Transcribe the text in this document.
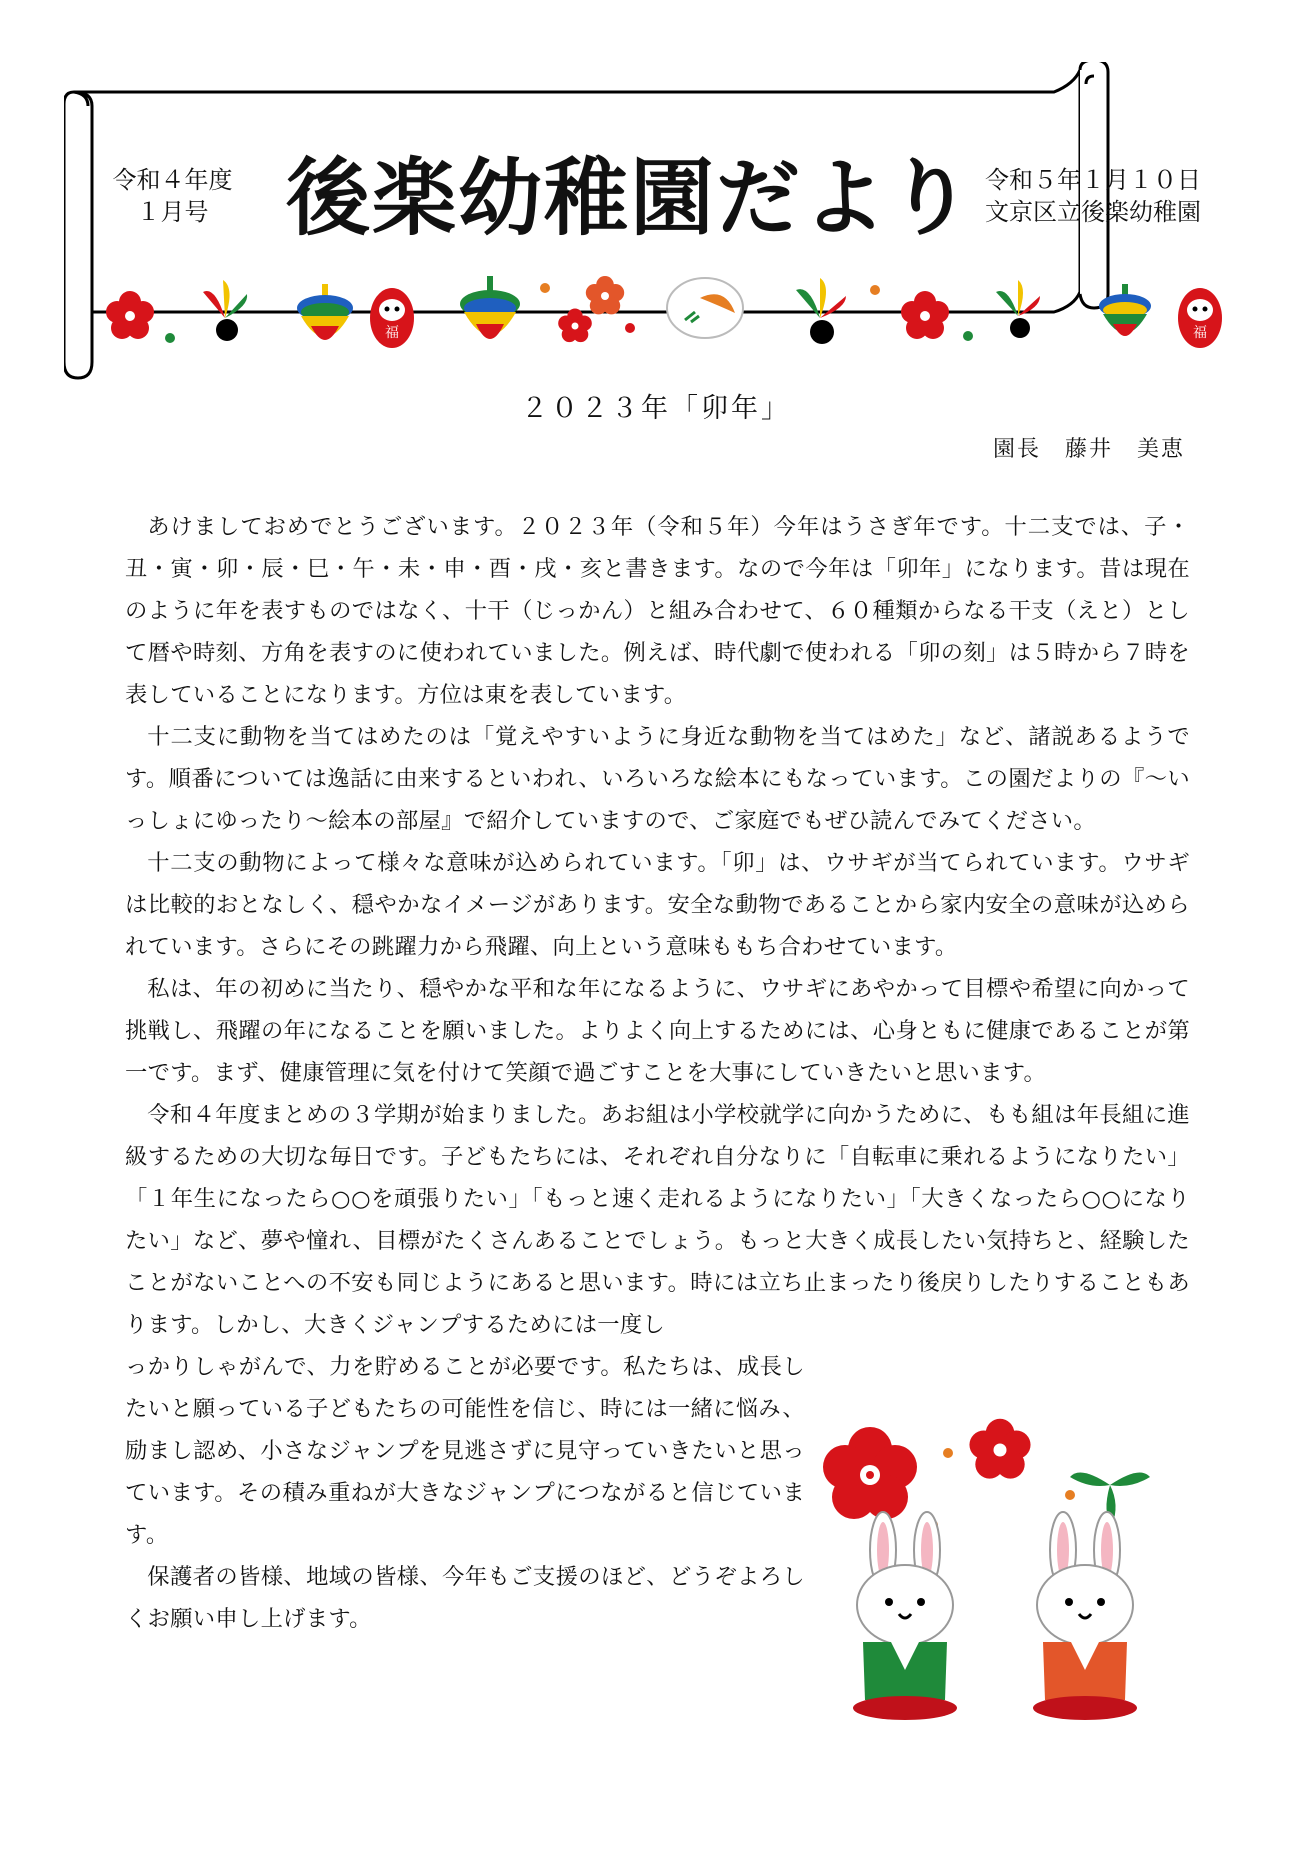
令和４年度
１月号 後楽幼稚園だより 令和５年１月１０日
文京区立後楽幼稚園
福	福
２０２３年「卯年」
園長　藤井　美恵

あけましておめでとうございます。２０２３年（令和５年）今年はうさぎ年です。十二支では、子・丑・寅・卯・辰・巳・午・未・申・酉・戌・亥と書きます。なので今年は「卯年」になります。昔は現在のように年を表すものではなく、十干（じっかん）と組み合わせて、６０種類からなる干支（えと）として暦や時刻、方角を表すのに使われていました。例えば、時代劇で使われる「卯の刻」は５時から７時を表していることになります。方位は東を表しています。

十二支に動物を当てはめたのは「覚えやすいように身近な動物を当てはめた」など、諸説あるようです。順番については逸話に由来するといわれ、いろいろな絵本にもなっています。この園だよりの『～いっしょにゆったり～絵本の部屋』で紹介していますので、ご家庭でもぜひ読んでみてください。

十二支の動物によって様々な意味が込められています。「卯」は、ウサギが当てられています。ウサギは比較的おとなしく、穏やかなイメージがあります。安全な動物であることから家内安全の意味が込められています。さらにその跳躍力から飛躍、向上という意味ももち合わせています。

私は、年の初めに当たり、穏やかな平和な年になるように、ウサギにあやかって目標や希望に向かって挑戦し、飛躍の年になることを願いました。よりよく向上するためには、心身ともに健康であることが第一です。まず、健康管理に気を付けて笑顔で過ごすことを大事にしていきたいと思います。

令和４年度まとめの３学期が始まりました。あお組は小学校就学に向かうために、もも組は年長組に進級するための大切な毎日です。子どもたちには、それぞれ自分なりに「自転車に乗れるようになりたい」「１年生になったら○○を頑張りたい」「もっと速く走れるようになりたい」「大きくなったら○○になりたい」など、夢や憧れ、目標がたくさんあることでしょう。もっと大きく成長したい気持ちと、経験したことがないことへの不安も同じようにあると思います。時には立ち止まったり後戻りしたりすることもあります。しかし、大きくジャンプするためには一度し

っかりしゃがんで、力を貯めることが必要です。私たちは、成長したいと願っている子どもたちの可能性を信じ、時には一緒に悩み、励まし認め、小さなジャンプを見逃さずに見守っていきたいと思っています。その積み重ねが大きなジャンプにつながると信じています。

保護者の皆様、地域の皆様、今年もご支援のほど、どうぞよろしくお願い申し上げます。
